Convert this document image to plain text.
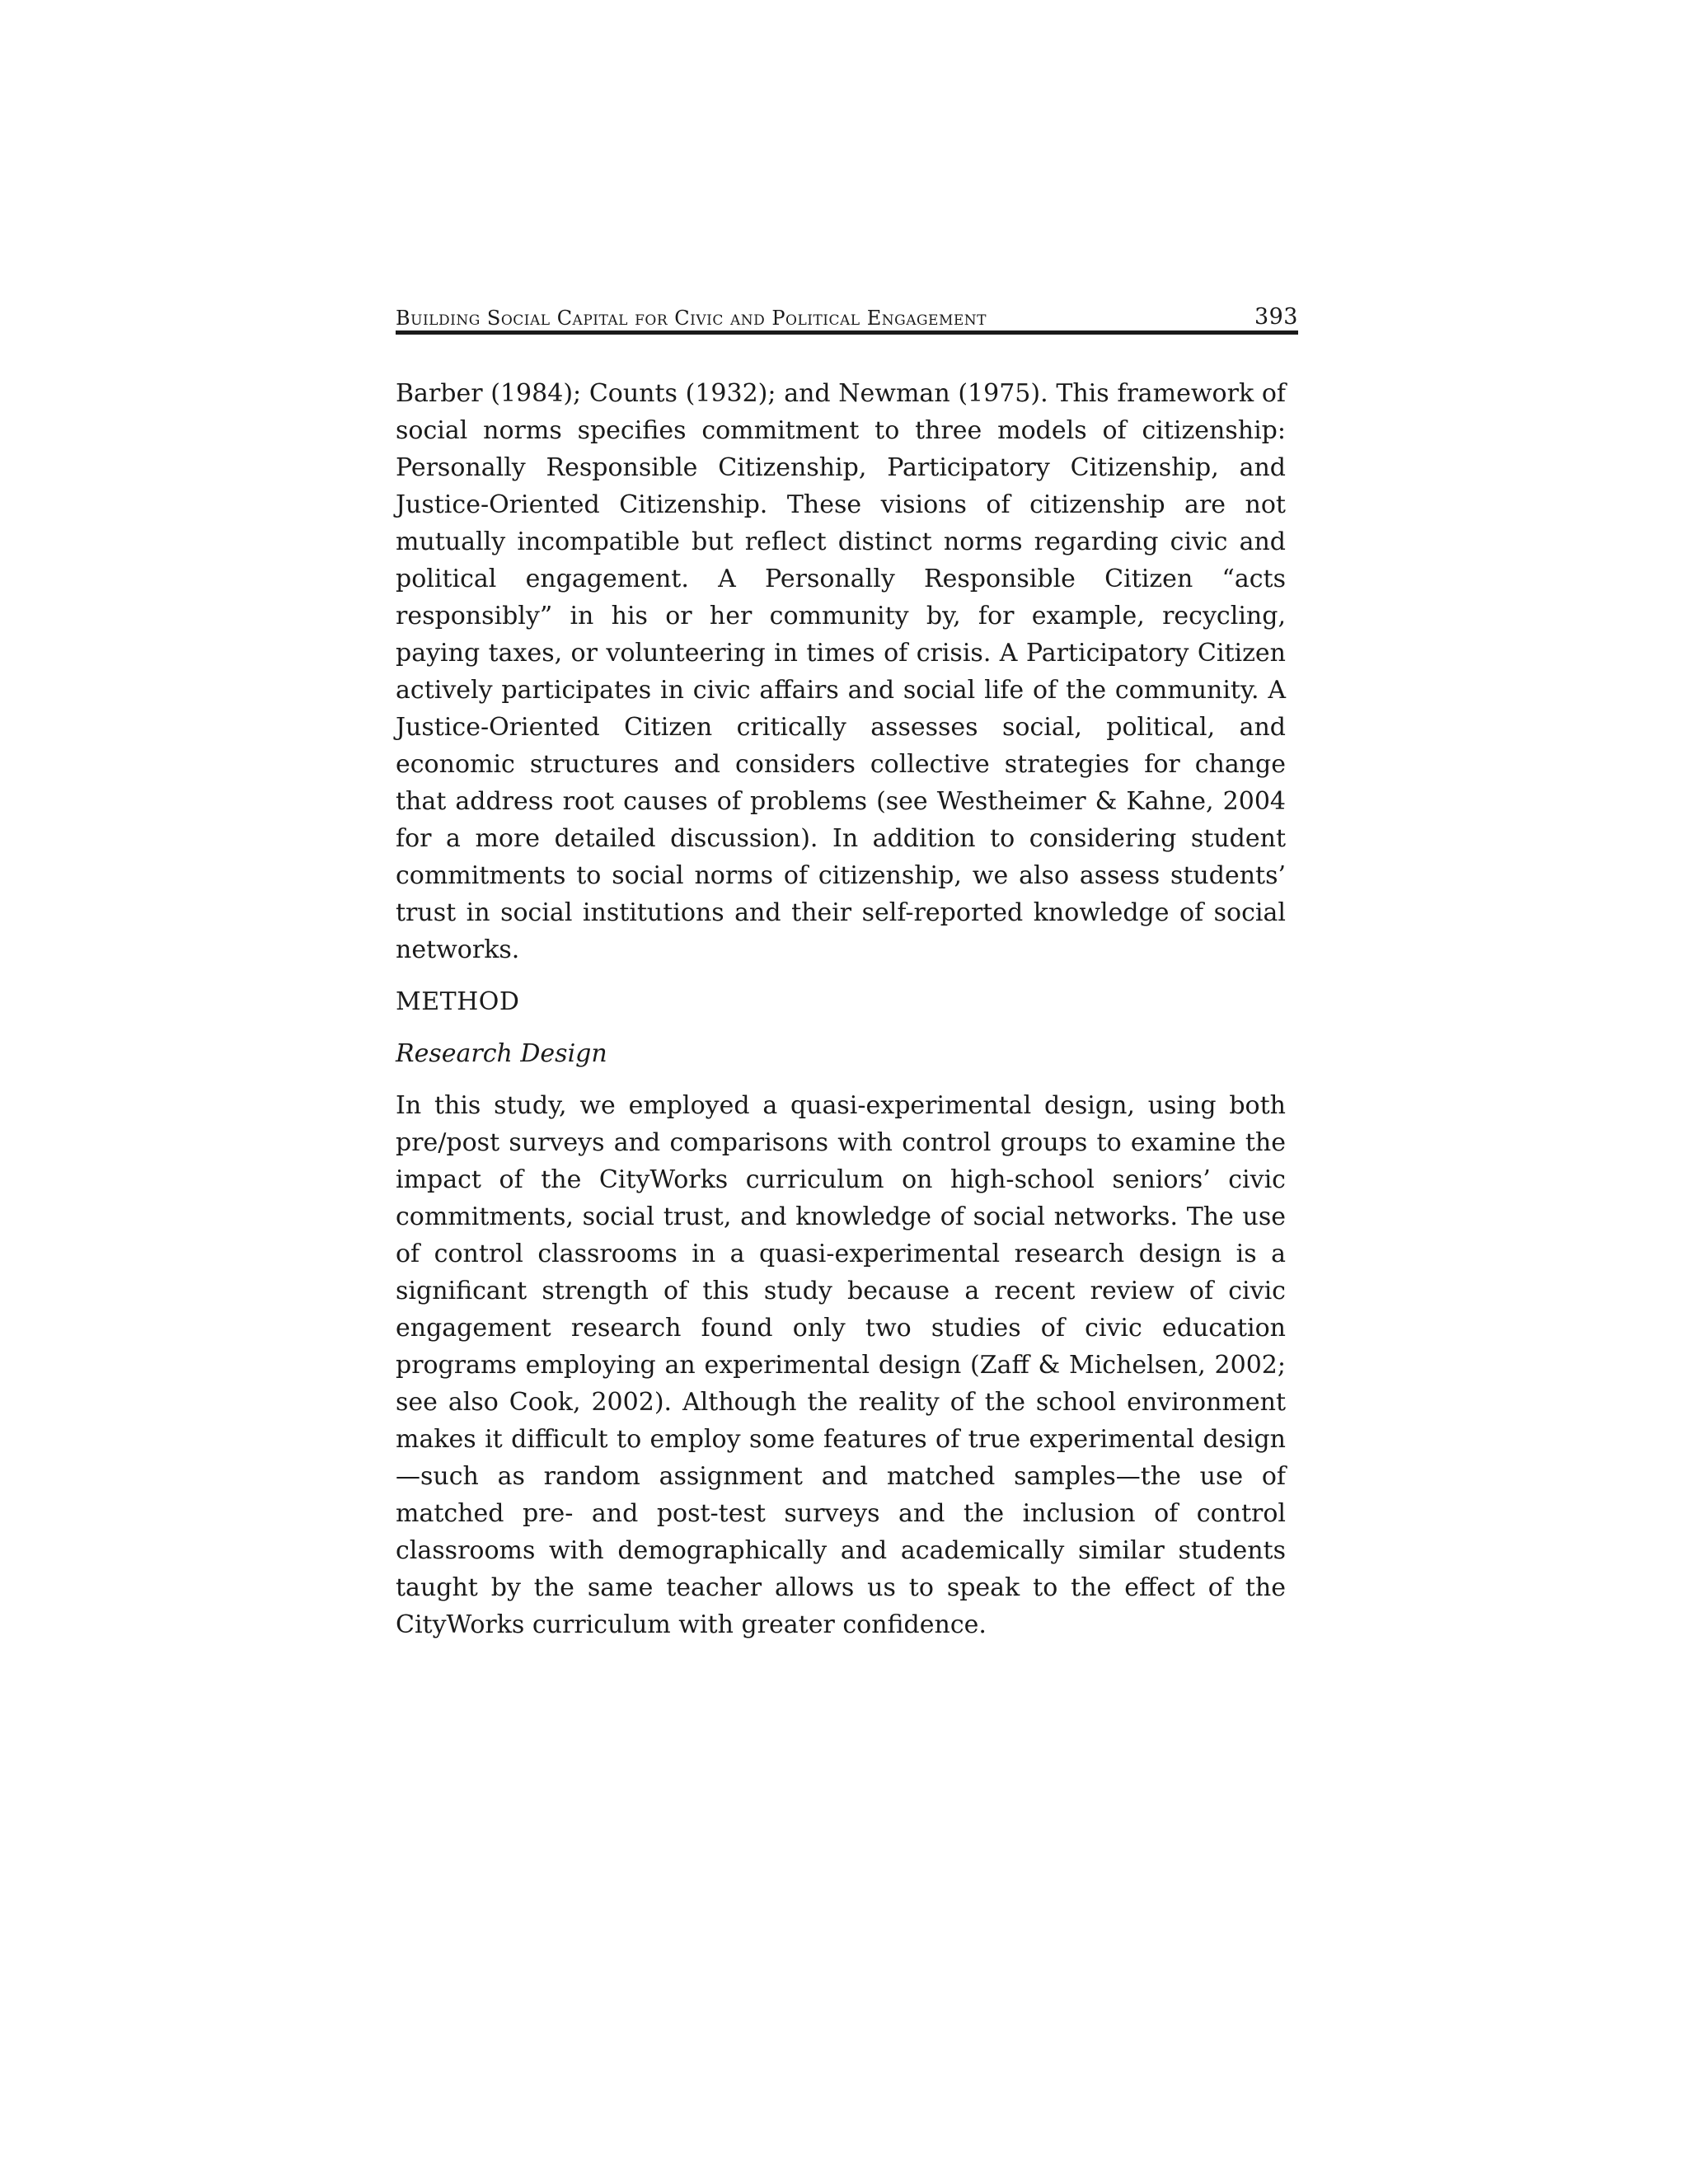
Building Social Capital for Civic and Political Engagement	393

Barber (1984); Counts (1932); and Newman (1975). This framework of social norms specifies commitment to three models of citizenship: Personally Responsible Citizenship, Participatory Citizenship, and Justice-Oriented Citizenship. These visions of citizenship are not mutually incompatible but reflect distinct norms regarding civic and political engagement. A Personally Responsible Citizen “acts responsibly” in his or her community by, for example, recycling, paying taxes, or volunteering in times of crisis. A Participatory Citizen actively participates in civic affairs and social life of the community. A Justice-Oriented Citizen critically assesses social, political, and economic structures and considers collective strategies for change that address root causes of problems (see Westheimer & Kahne, 2004 for a more detailed discussion). In addition to considering student commitments to social norms of citizenship, we also assess students’ trust in social institutions and their self-reported knowledge of social networks.

METHOD

Research Design

In this study, we employed a quasi-experimental design, using both pre/post surveys and comparisons with control groups to examine the impact of the CityWorks curriculum on high-school seniors’ civic commitments, social trust, and knowledge of social networks. The use of control classrooms in a quasi-experimental research design is a significant strength of this study because a recent review of civic engagement research found only two studies of civic education programs employing an experimental design (Zaff & Michelsen, 2002; see also Cook, 2002). Although the reality of the school environment makes it difficult to employ some features of true experimental design—such as random assignment and matched samples—the use of matched pre- and post-test surveys and the inclusion of control classrooms with demographically and academically similar students taught by the same teacher allows us to speak to the effect of the CityWorks curriculum with greater confidence.
